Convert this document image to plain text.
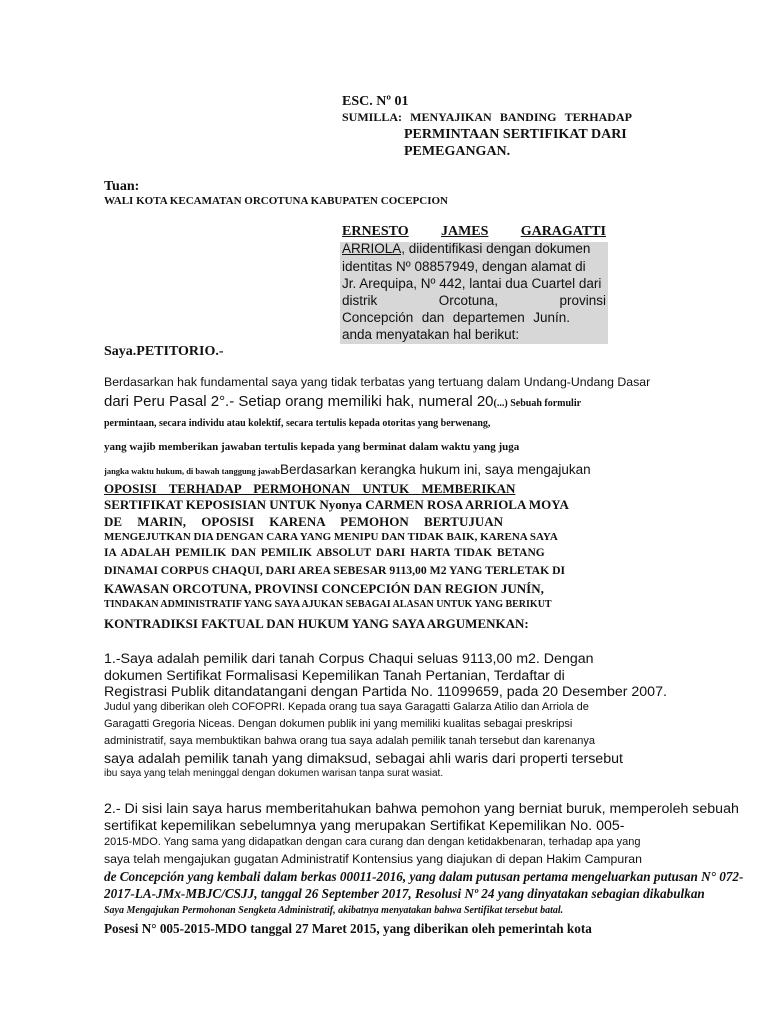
ESC. Nº 01
SUMILLA: MENYAJIKAN BANDING TERHADAP
PERMINTAAN SERTIFIKAT DARI
PEMEGANGAN.
Tuan:
WALI KOTA KECAMATAN ORCOTUNA KABUPATEN COCEPCION
ERNESTO JAMES GARAGATTI
ARRIOLA, diidentifikasi dengan dokumen
identitas Nº 08857949, dengan alamat di
Jr. Arequipa, Nº 442, lantai dua Cuartel dari
distrik	Orcotuna,	provinsi
Concepción dan departemen Junín.
anda menyatakan hal berikut:
Saya.PETITORIO.-
Berdasarkan hak fundamental saya yang tidak terbatas yang tertuang dalam Undang-Undang Dasar
dari Peru Pasal 2°.- Setiap orang memiliki hak, numeral 20(...) Sebuah formulir
permintaan, secara individu atau kolektif, secara tertulis kepada otoritas yang berwenang,
yang wajib memberikan jawaban tertulis kepada yang berminat dalam waktu yang juga
jangka waktu hukum, di bawah tanggung jawabBerdasarkan kerangka hukum ini, saya mengajukan
OPOSISI TERHADAP PERMOHONAN UNTUK MEMBERIKAN
SERTIFIKAT KEPOSISIAN UNTUK Nyonya CARMEN ROSA ARRIOLA MOYA
DE MARIN, OPOSISI KARENA PEMOHON BERTUJUAN
MENGEJUTKAN DIA DENGAN CARA YANG MENIPU DAN TIDAK BAIK, KARENA SAYA
IA ADALAH PEMILIK DAN PEMILIK ABSOLUT DARI HARTA TIDAK BETANG
DINAMAI CORPUS CHAQUI, DARI AREA SEBESAR 9113,00 M2 YANG TERLETAK DI
KAWASAN ORCOTUNA, PROVINSI CONCEPCIÓN DAN REGION JUNÍN,
TINDAKAN ADMINISTRATIF YANG SAYA AJUKAN SEBAGAI ALASAN UNTUK YANG BERIKUT
KONTRADIKSI FAKTUAL DAN HUKUM YANG SAYA ARGUMENKAN:
1.-Saya adalah pemilik dari tanah Corpus Chaqui seluas 9113,00 m2. Dengan
dokumen Sertifikat Formalisasi Kepemilikan Tanah Pertanian, Terdaftar di
Registrasi Publik ditandatangani dengan Partida No. 11099659, pada 20 Desember 2007.
Judul yang diberikan oleh COFOPRI. Kepada orang tua saya Garagatti Galarza Atilio dan Arriola de
Garagatti Gregoria Niceas. Dengan dokumen publik ini yang memiliki kualitas sebagai preskripsi
administratif, saya membuktikan bahwa orang tua saya adalah pemilik tanah tersebut dan karenanya
saya adalah pemilik tanah yang dimaksud, sebagai ahli waris dari properti tersebut
ibu saya yang telah meninggal dengan dokumen warisan tanpa surat wasiat.
2.- Di sisi lain saya harus memberitahukan bahwa pemohon yang berniat buruk, memperoleh sebuah
sertifikat kepemilikan sebelumnya yang merupakan Sertifikat Kepemilikan No. 005-
2015-MDO. Yang sama yang didapatkan dengan cara curang dan dengan ketidakbenaran, terhadap apa yang
saya telah mengajukan gugatan Administratif Kontensius yang diajukan di depan Hakim Campuran
de Concepción yang kembali dalam berkas 00011-2016, yang dalam putusan pertama mengeluarkan putusan N° 072-
2017-LA-JMx-MBJC/CSJJ, tanggal 26 September 2017, Resolusi Nº 24 yang dinyatakan sebagian dikabulkan
Saya Mengajukan Permohonan Sengketa Administratif, akibatnya menyatakan bahwa Sertifikat tersebut batal.
Posesi N° 005-2015-MDO tanggal 27 Maret 2015, yang diberikan oleh pemerintah kota
